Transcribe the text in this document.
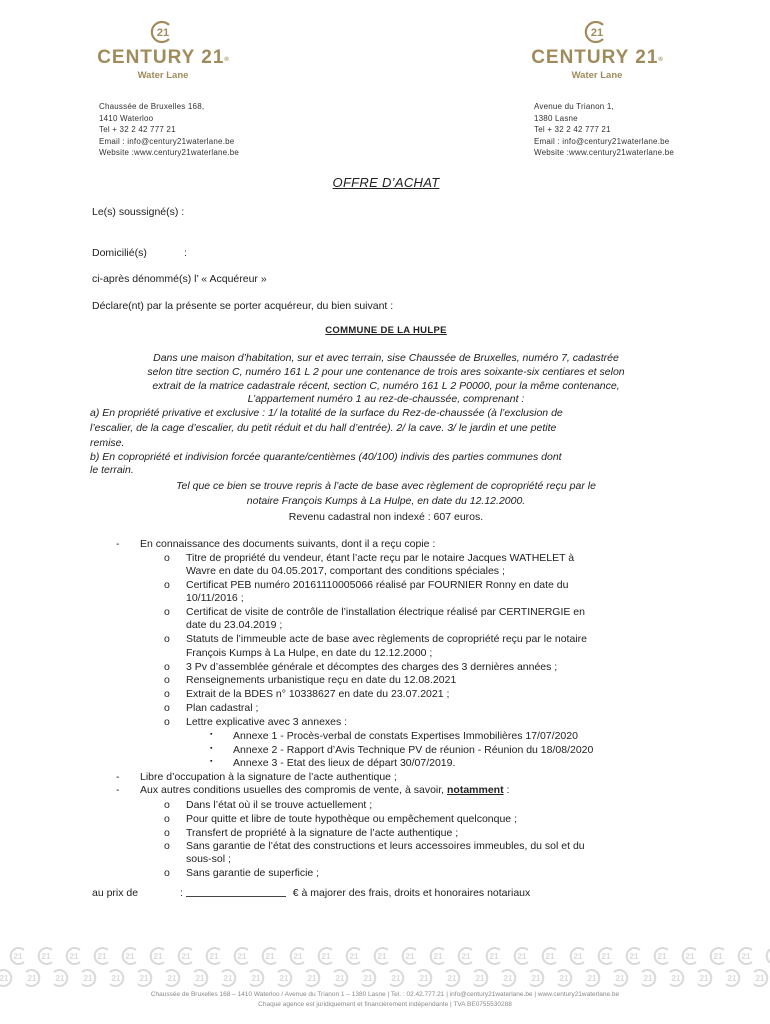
21
CENTURY 21®
Water Lane
21
CENTURY 21®
Water Lane
Chaussée de Bruxelles 168,
1410 Waterloo
Tel + 32 2 42 777 21
Email : info@century21waterlane.be
Website :www.century21waterlane.be
Avenue du Trianon 1,
1380 Lasne
Tel + 32 2 42 777 21
Email : info@century21waterlane.be
Website :www.century21waterlane.be
OFFRE D’ACHAT
Le(s) soussigné(s) :
Domicilié(s)	:
ci-après dénommé(s) l’ « Acquéreur »
Déclare(nt) par la présente se porter acquéreur, du bien suivant :
COMMUNE DE LA HULPE
Dans une maison d’habitation, sur et avec terrain, sise Chaussée de Bruxelles, numéro 7, cadastrée
selon titre section C, numéro 161 L 2 pour une contenance de trois ares soixante-six centiares et selon
extrait de la matrice cadastrale récent, section C, numéro 161 L 2 P0000, pour la même contenance,
L’appartement numéro 1 au rez-de-chaussée, comprenant :
a) En propriété privative et exclusive : 1/ la totalité de la surface du Rez-de-chaussée (à l’exclusion de
l’escalier, de la cage d’escalier, du petit réduit et du hall d’entrée). 2/ la cave. 3/ le jardin et une petite
remise.
b) En copropriété et indivision forcée quarante/centièmes (40/100) indivis des parties communes dont
le terrain.
Tel que ce bien se trouve repris à l’acte de base avec règlement de copropriété reçu par le
notaire François Kumps à La Hulpe, en date du 12.12.2000.
Revenu cadastral non indexé : 607 euros.
- En connaissance des documents suivants, dont il a reçu copie :
o Titre de propriété du vendeur, étant l’acte reçu par le notaire Jacques WATHELET à
Wavre en date du 04.05.2017, comportant des conditions spéciales ;
o Certificat PEB numéro 20161110005066 réalisé par FOURNIER Ronny en date du
10/11/2016 ;
o Certificat de visite de contrôle de l’installation électrique réalisé par CERTINERGIE en
date du 23.04.2019 ;
o Statuts de l’immeuble acte de base avec règlements de copropriété reçu par le notaire
François Kumps à La Hulpe, en date du 12.12.2000 ;
o 3 Pv d’assemblée générale et décomptes des charges des 3 dernières années ;
o Renseignements urbanistique reçu en date du 12.08.2021
o Extrait de la BDES n° 10338627 en date du 23.07.2021 ;
o Plan cadastral ;
o Lettre explicative avec 3 annexes :
▪ Annexe 1 - Procès-verbal de constats Expertises Immobilières 17/07/2020
▪ Annexe 2 - Rapport d’Avis Technique PV de réunion - Réunion du 18/08/2020
▪ Annexe 3 - Etat des lieux de départ 30/07/2019.
- Libre d’occupation à la signature de l’acte authentique ;
- Aux autres conditions usuelles des compromis de vente, à savoir, notamment :
o Dans l’état où il se trouve actuellement ;
o Pour quitte et libre de toute hypothèque ou empêchement quelconque ;
o Transfert de propriété à la signature de l’acte authentique ;
o Sans garantie de l’état des constructions et leurs accessoires immeubles, du sol et du
sous-sol ;
o Sans garantie de superficie ;
au prix de	:	€ à majorer des frais, droits et honoraires notariaux
21 21 21 21 21 21 21 21 21 21 21 21 21 21 21 21 21 21 21 21 21 21 21 21 21 21 21
21 21 21 21 21 21 21 21 21 21 21 21 21 21 21 21 21 21 21 21 21 21 21 21 21 21 21 21
Chaussée de Bruxelles 168 – 1410 Waterloo / Avenue du Trianon 1 – 1380 Lasne | Tel. : 02.42.777.21 | info@century21waterlane.be | www.century21waterlane.be
Chaque agence est juridiquement et financièrement indépendante | TVA BE0755530288
